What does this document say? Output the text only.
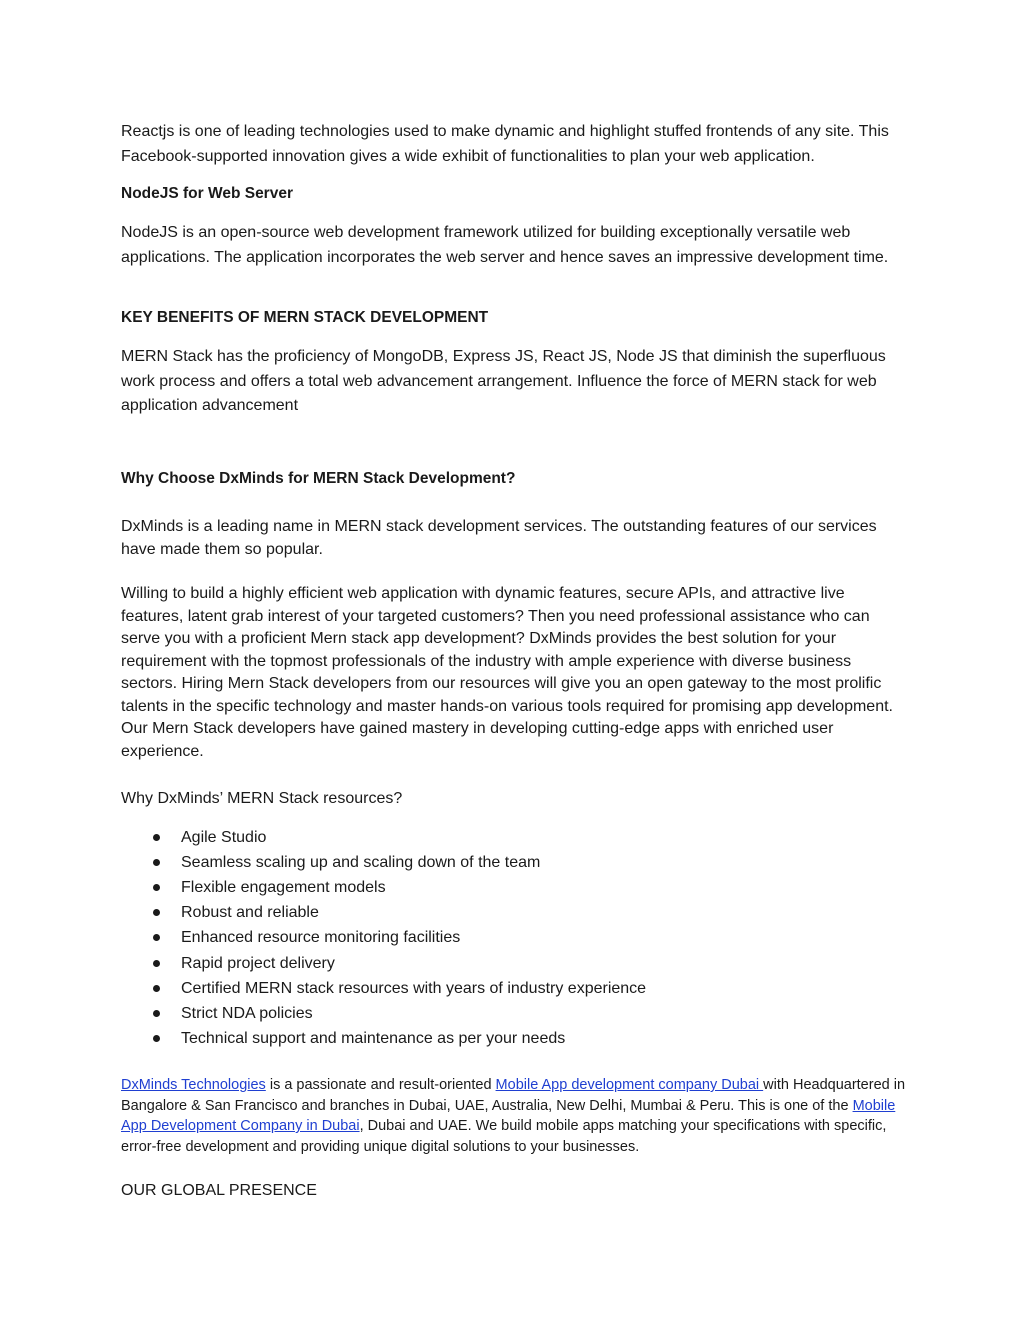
Reactjs is one of leading technologies used to make dynamic and highlight stuffed frontends of any site. This Facebook-supported innovation gives a wide exhibit of functionalities to plan your web application.

NodeJS for Web Server

NodeJS is an open-source web development framework utilized for building exceptionally versatile web applications. The application incorporates the web server and hence saves an impressive development time.

KEY BENEFITS OF MERN STACK DEVELOPMENT

MERN Stack has the proficiency of MongoDB, Express JS, React JS, Node JS that diminish the superfluous work process and offers a total web advancement arrangement. Influence the force of MERN stack for web application advancement

Why Choose DxMinds for MERN Stack Development?

DxMinds is a leading name in MERN stack development services. The outstanding features of our services have made them so popular.

Willing to build a highly efficient web application with dynamic features, secure APIs, and attractive live features, latent grab interest of your targeted customers? Then you need professional assistance who can serve you with a proficient Mern stack app development? DxMinds provides the best solution for your requirement with the topmost professionals of the industry with ample experience with diverse business sectors. Hiring Mern Stack developers from our resources will give you an open gateway to the most prolific talents in the specific technology and master hands-on various tools required for promising app development. Our Mern Stack developers have gained mastery in developing cutting-edge apps with enriched user experience.

Why DxMinds’ MERN Stack resources?

Agile Studio
Seamless scaling up and scaling down of the team
Flexible engagement models
Robust and reliable
Enhanced resource monitoring facilities
Rapid project delivery
Certified MERN stack resources with years of industry experience
Strict NDA policies
Technical support and maintenance as per your needs

DxMinds Technologies is a passionate and result-oriented Mobile App development company Dubai with Headquartered in Bangalore & San Francisco and branches in Dubai, UAE, Australia, New Delhi, Mumbai & Peru. This is one of the Mobile App Development Company in Dubai, Dubai and UAE. We build mobile apps matching your specifications with specific, error-free development and providing unique digital solutions to your businesses.

OUR GLOBAL PRESENCE
